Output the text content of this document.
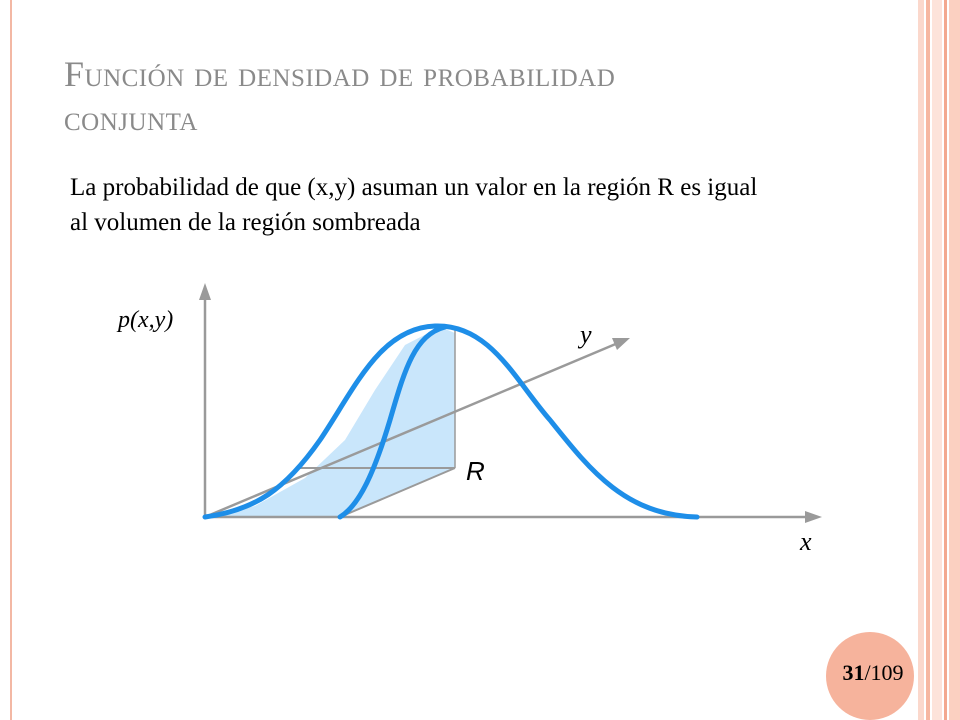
Función de densidad de probabilidad
conjunta
La probabilidad de que (x,y) asuman un valor en la región R es igual al volumen de la región sombreada
p(x,y)	y
x
R
31/109
